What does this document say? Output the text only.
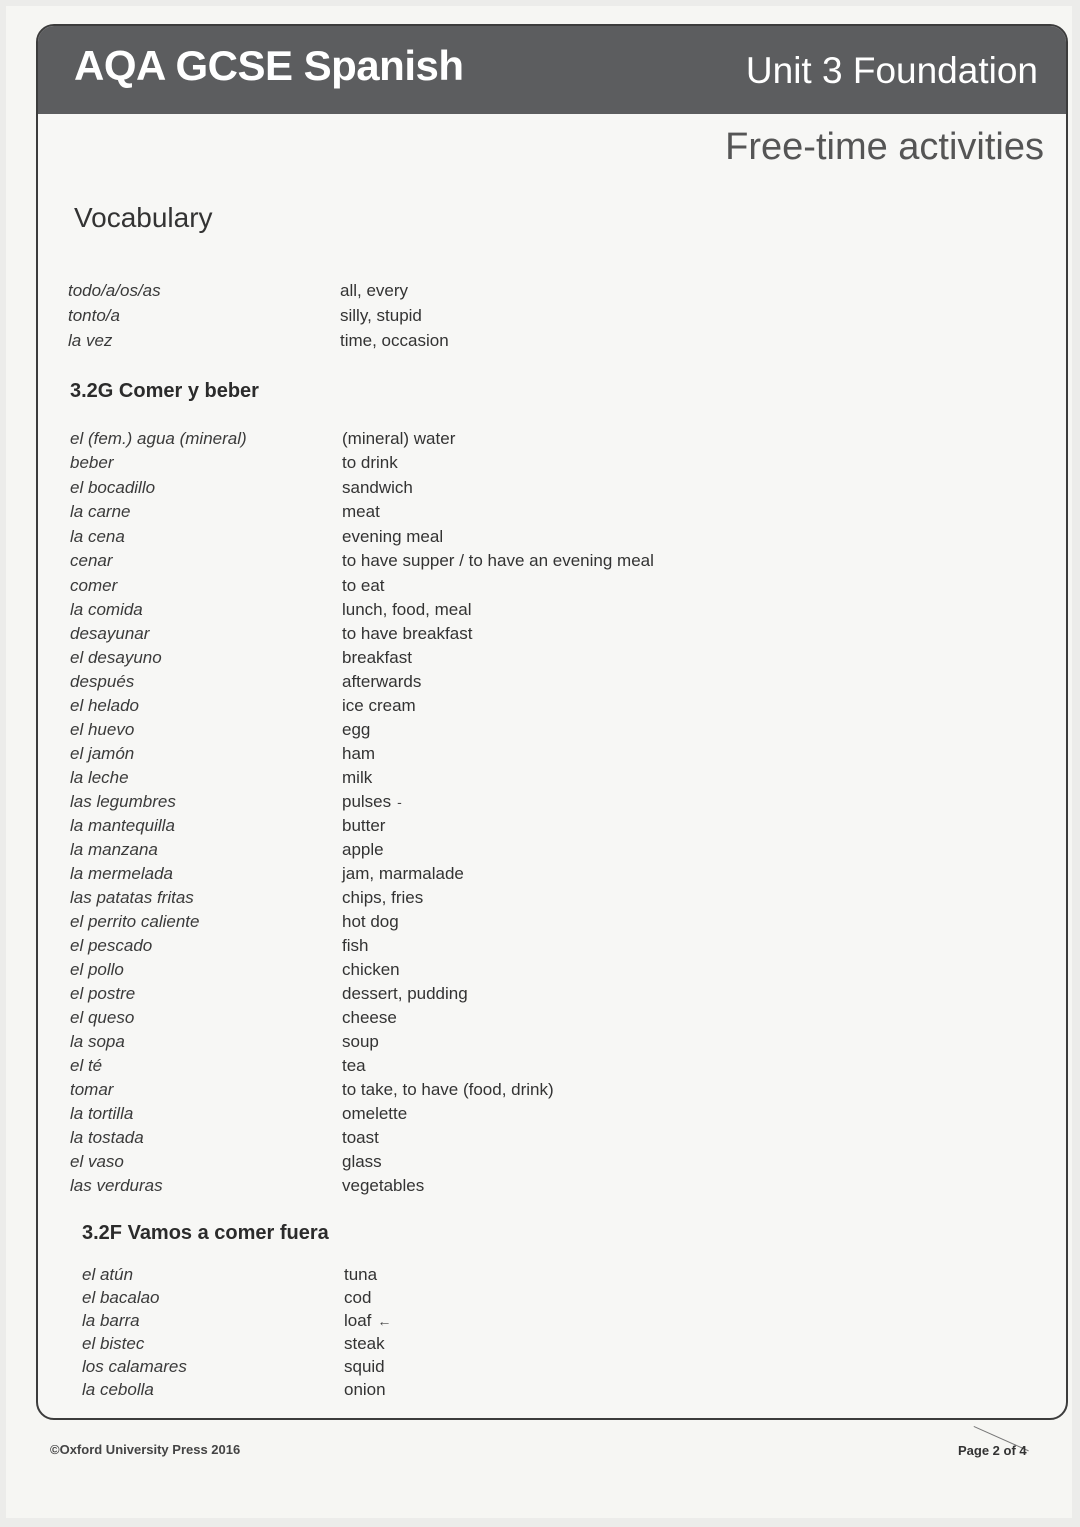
AQA GCSE Spanish	Unit 3 Foundation
Free-time activities
Vocabulary
todo/a/os/as	all, every
tonto/a	silly, stupid
la vez	time, occasion
3.2G Comer y beber
el (fem.) agua (mineral)	(mineral) water
beber	to drink
el bocadillo	sandwich
la carne	meat
la cena	evening meal
cenar	to have supper / to have an evening meal
comer	to eat
la comida	lunch, food, meal
desayunar	to have breakfast
el desayuno	breakfast
después	afterwards
el helado	ice cream
el huevo	egg
el jamón	ham
la leche	milk
las legumbres	pulses -
la mantequilla	butter
la manzana	apple
la mermelada	jam, marmalade
las patatas fritas	chips, fries
el perrito caliente	hot dog
el pescado	fish
el pollo	chicken
el postre	dessert, pudding
el queso	cheese
la sopa	soup
el té	tea
tomar	to take, to have (food, drink)
la tortilla	omelette
la tostada	toast
el vaso	glass
las verduras	vegetables
3.2F Vamos a comer fuera
el atún	tuna
el bacalao	cod
la barra	loaf ←
el bistec	steak
los calamares	squid
la cebolla	onion
©Oxford University Press 2016	Page 2 of 4
